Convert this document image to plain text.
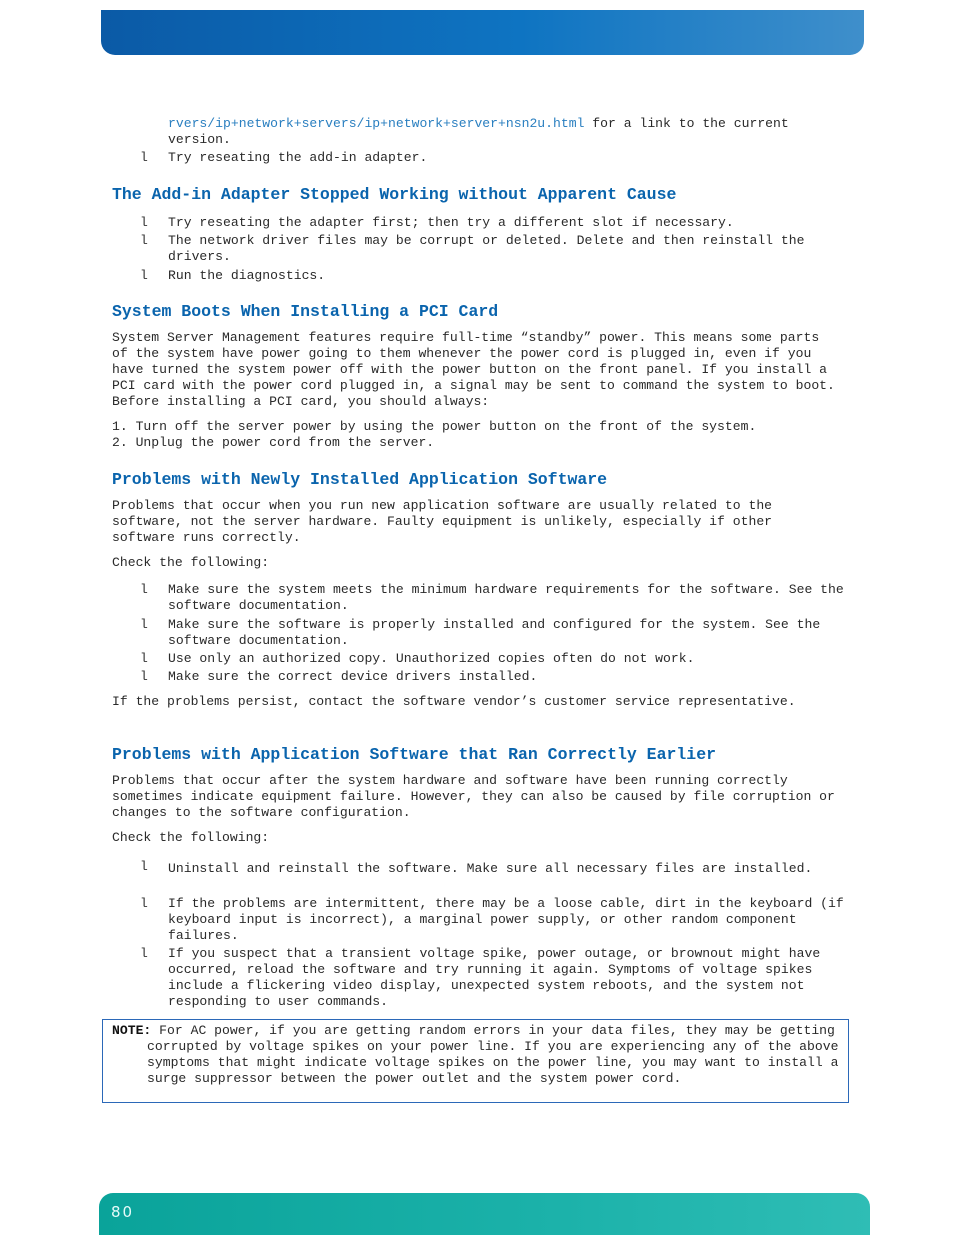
rvers/ip+network+servers/ip+network+server+nsn2u.html for a link to the current version.
l Try reseating the add-in adapter.
The Add-in Adapter Stopped Working without Apparent Cause
l Try reseating the adapter first; then try a different slot if necessary.
l The network driver files may be corrupt or deleted. Delete and then reinstall the drivers.
l Run the diagnostics.
System Boots When Installing a PCI Card
System Server Management features require full-time “standby” power. This means some parts of the system have power going to them whenever the power cord is plugged in, even if you have turned the system power off with the power button on the front panel. If you install a PCI card with the power cord plugged in, a signal may be sent to command the system to boot. Before installing a PCI card, you should always:
1. Turn off the server power by using the power button on the front of the system.
2. Unplug the power cord from the server.
Problems with Newly Installed Application Software
Problems that occur when you run new application software are usually related to the software, not the server hardware. Faulty equipment is unlikely, especially if other software runs correctly.
Check the following:
l Make sure the system meets the minimum hardware requirements for the software. See the software documentation.
l Make sure the software is properly installed and configured for the system. See the software documentation.
l Use only an authorized copy. Unauthorized copies often do not work.
l Make sure the correct device drivers installed.
If the problems persist, contact the software vendor’s customer service representative.
Problems with Application Software that Ran Correctly Earlier
Problems that occur after the system hardware and software have been running correctly sometimes indicate equipment failure. However, they can also be caused by file corruption or changes to the software configuration.
Check the following:
l Uninstall and reinstall the software. Make sure all necessary files are installed.
l If the problems are intermittent, there may be a loose cable, dirt in the keyboard (if keyboard input is incorrect), a marginal power supply, or other random component failures.
l If you suspect that a transient voltage spike, power outage, or brownout might have occurred, reload the software and try running it again. Symptoms of voltage spikes include a flickering video display, unexpected system reboots, and the system not responding to user commands.
NOTE: For AC power, if you are getting random errors in your data files, they may be getting corrupted by voltage spikes on your power line. If you are experiencing any of the above symptoms that might indicate voltage spikes on the power line, you may want to install a surge suppressor between the power outlet and the system power cord.
80
